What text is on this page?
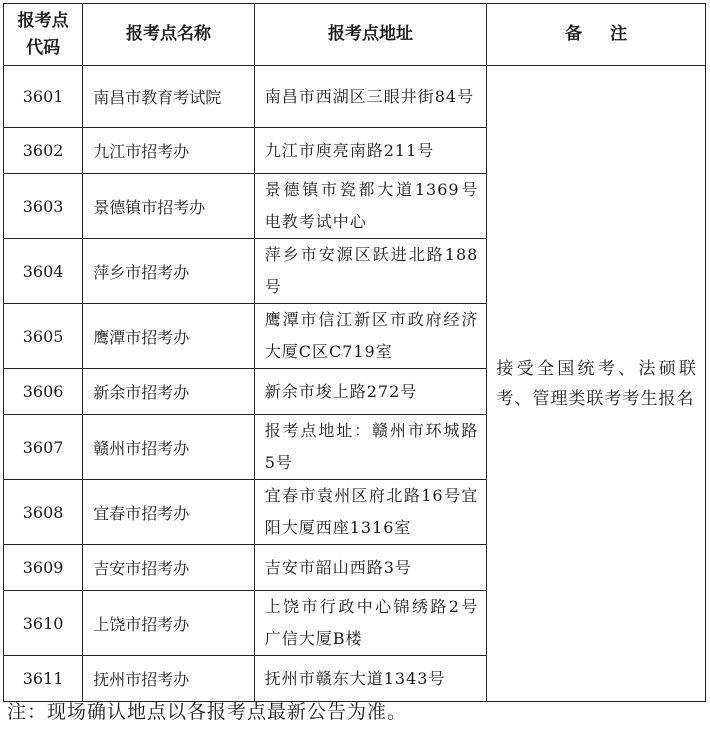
报考点代码	报考点名称	报考点地址	备注
3601	南昌市教育考试院	南昌市西湖区三眼井街84号	接受全国统考、法硕联考、管理类联考考生报名
3602	九江市招考办	九江市庾亮南路211号	
3603	景德镇市招考办	景德镇市瓷都大道1369号电教考试中心	
3604	萍乡市招考办	萍乡市安源区跃进北路188号	
3605	鹰潭市招考办	鹰潭市信江新区市政府经济大厦C区C719室	
3606	新余市招考办	新余市埈上路272号	
3607	赣州市招考办	报考点地址：赣州市环城路5号	
3608	宜春市招考办	宜春市袁州区府北路16号宜阳大厦西座1316室	
3609	吉安市招考办	吉安市韶山西路3号	
3610	上饶市招考办	上饶市行政中心锦绣路2号广信大厦B楼	
3611	抚州市招考办	抚州市赣东大道1343号	
注：现场确认地点以各报考点最新公告为准。
